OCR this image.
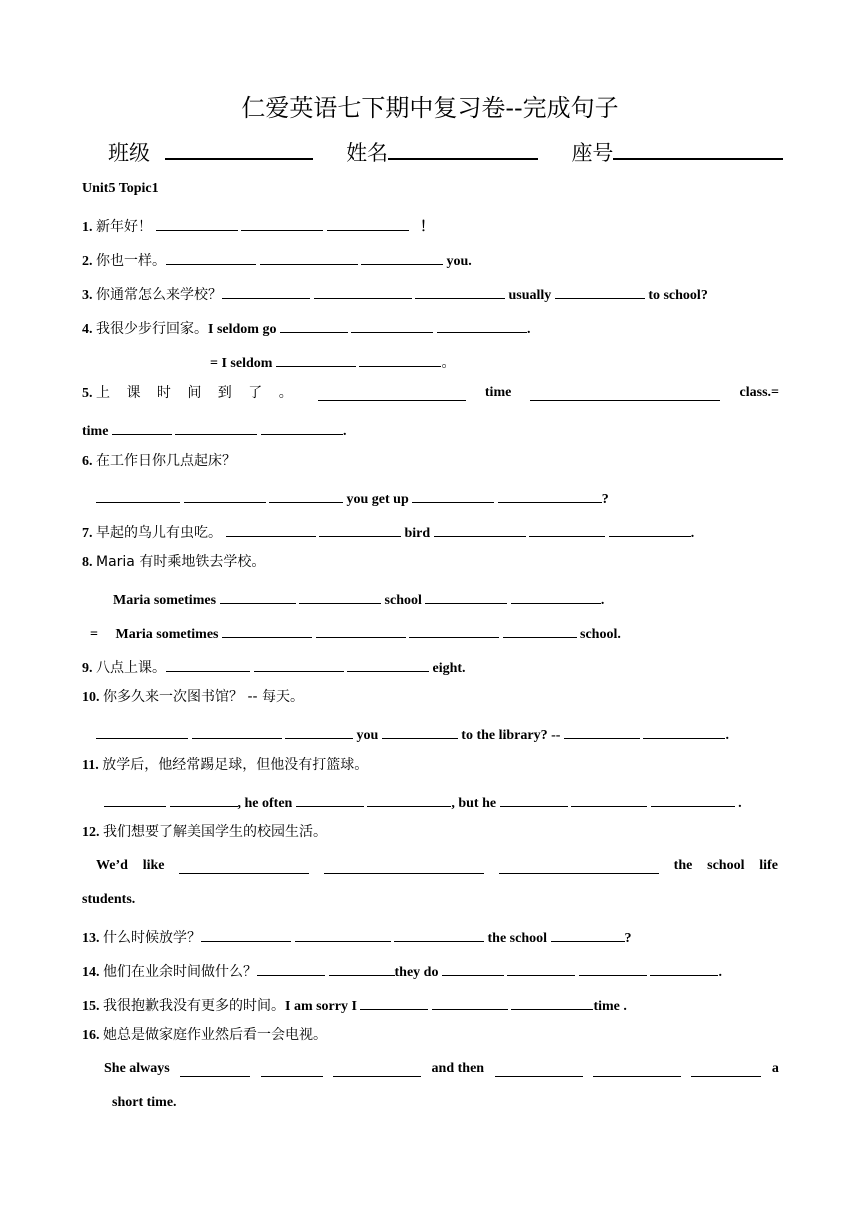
仁爱英语七下期中复习卷--完成句子
班级	姓名	座号
Unit5 Topic1
1. 新年好！	！
2. 你也一样。	you.
3. 你通常怎么来学校？	usually	to school?
4. 我很少步行回家。I seldom go	.
= I seldom	。
5. 上 课 时 间 到 了 。	time	class.=
time	.
6. 在工作日你几点起床？
you get up	?
7. 早起的鸟儿有虫吃。	bird	.
8. Maria 有时乘地铁去学校。
Maria sometimes	school	.
= Maria sometimes	school.
9. 八点上课。	eight.
10. 你多久来一次图书馆？ -- 每天。
you	to the library? --	.
11. 放学后，他经常踢足球，但他没有打篮球。
, he often	, but he	.
12. 我们想要了解美国学生的校园生活。
We’d like	the school life
students.
13. 什么时候放学？	the school	?
14. 他们在业余时间做什么？	they do	.
15. 我很抱歉我没有更多的时间。I am sorry I	time .
16. 她总是做家庭作业然后看一会电视。
She always	and then	a
short time.
